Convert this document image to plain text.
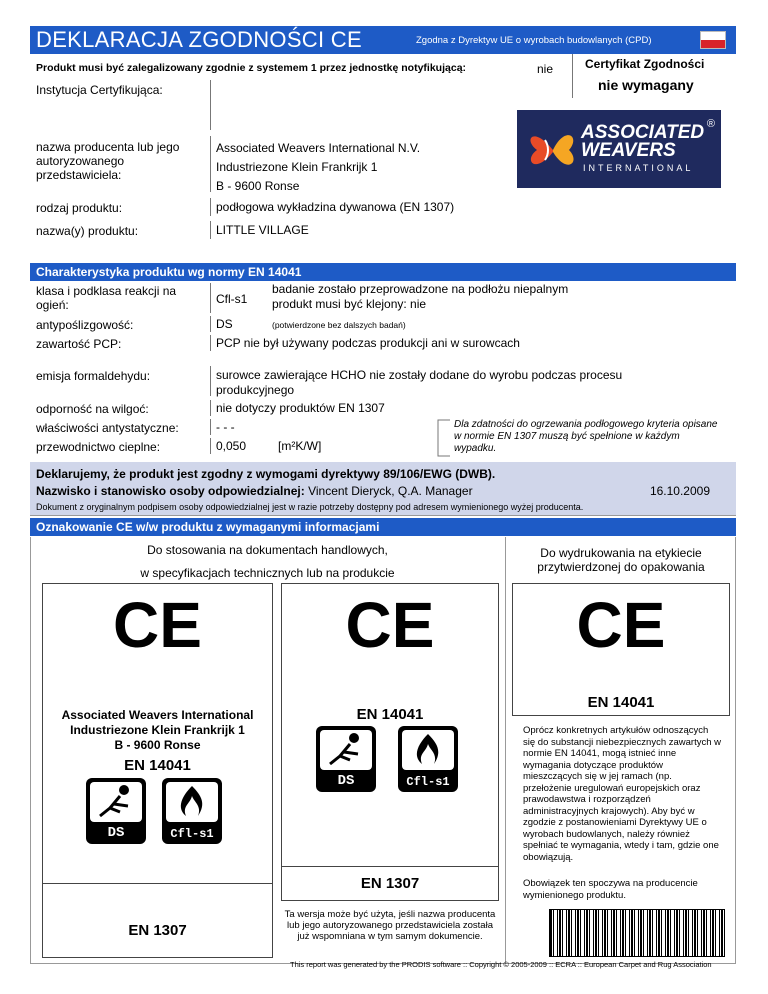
DEKLARACJA ZGODNOŚCI CE	Zgodna z Dyrektyw UE o wyrobach budowlanych (CPD)
Produkt musi być zalegalizowany zgodnie z systemem 1 przez jednostkę notyfikującą:	nie	Certyfikat Zgodności
nie wymagany
Instytucja Certyfikująca:
nazwa producenta lub jego autoryzowanego przedstawiciela:
Associated Weavers International N.V.
Industriezone Klein Frankrijk 1
B - 9600 Ronse
ASSOCIATED
WEAVERS
INTERNATIONAL
®
rodzaj produktu:	podłogowa wykładzina dywanowa (EN 1307)
nazwa(y) produktu:	LITTLE VILLAGE
Charakterystyka produktu wg normy EN 14041
klasa i podklasa reakcji na ogień:	Cfl-s1
badanie zostało przeprowadzone na podłożu niepalnym
produkt musi być klejony: nie
antypoślizgowość:	DS	(potwierdzone bez dalszych badań)
zawartość PCP:	PCP nie był używany podczas produkcji ani w surowcach
emisja formaldehydu:	surowce zawierające HCHO nie zostały dodane do wyrobu podczas procesu produkcyjnego
odporność na wilgoć:	nie dotyczy produktów EN 1307
właściwości antystatyczne:	- - -
przewodnictwo cieplne:	0,050	[m²K/W]
Dla zdatności do ogrzewania podłogowego kryteria opisane w normie EN 1307 muszą być spełnione w każdym wypadku.
Deklarujemy, że produkt jest zgodny z wymogami dyrektywy 89/106/EWG (DWB).
Nazwisko i stanowisko osoby odpowiedzialnej: Vincent Dieryck, Q.A. Manager	16.10.2009
Dokument z oryginalnym podpisem osoby odpowiedzialnej jest w razie potrzeby dostępny pod adresem wymienionego wyżej producenta.
Oznakowanie CE w/w produktu z wymaganymi informacjami
Do stosowania na dokumentach handlowych,
w specyfikacjach technicznych lub na produkcie
Do wydrukowania na etykiecie przytwierdzonej do opakowania
CE
Associated Weavers International
Industriezone Klein Frankrijk 1
B - 9600 Ronse
EN 14041
DS	Cfl-s1
EN 1307
CE
EN 14041
DS	Cfl-s1
EN 1307
Ta wersja może być użyta, jeśli nazwa producenta lub jego autoryzowanego przedstawiciela została już wspomniana w tym samym dokumencie.
CE
EN 14041
Oprócz konkretnych artykułów odnoszących się do substancji niebezpiecznych zawartych w normie EN 14041, mogą istnieć inne wymagania dotyczące produktów mieszczących się w jej ramach (np. przełożenie uregulowań europejskich oraz prawodawstwa i rozporządzeń administracyjnych krajowych). Aby być w zgodzie z postanowieniami Dyrektywy UE o wyrobach budowlanych, należy również spełniać te wymagania, wtedy i tam, gdzie one obowiązują.
Obowiązek ten spoczywa na producencie wymienionego produktu.
This report was generated by the PRODIS software :: Copyright © 2005-2009 :: ECRA :: European Carpet and Rug Association
